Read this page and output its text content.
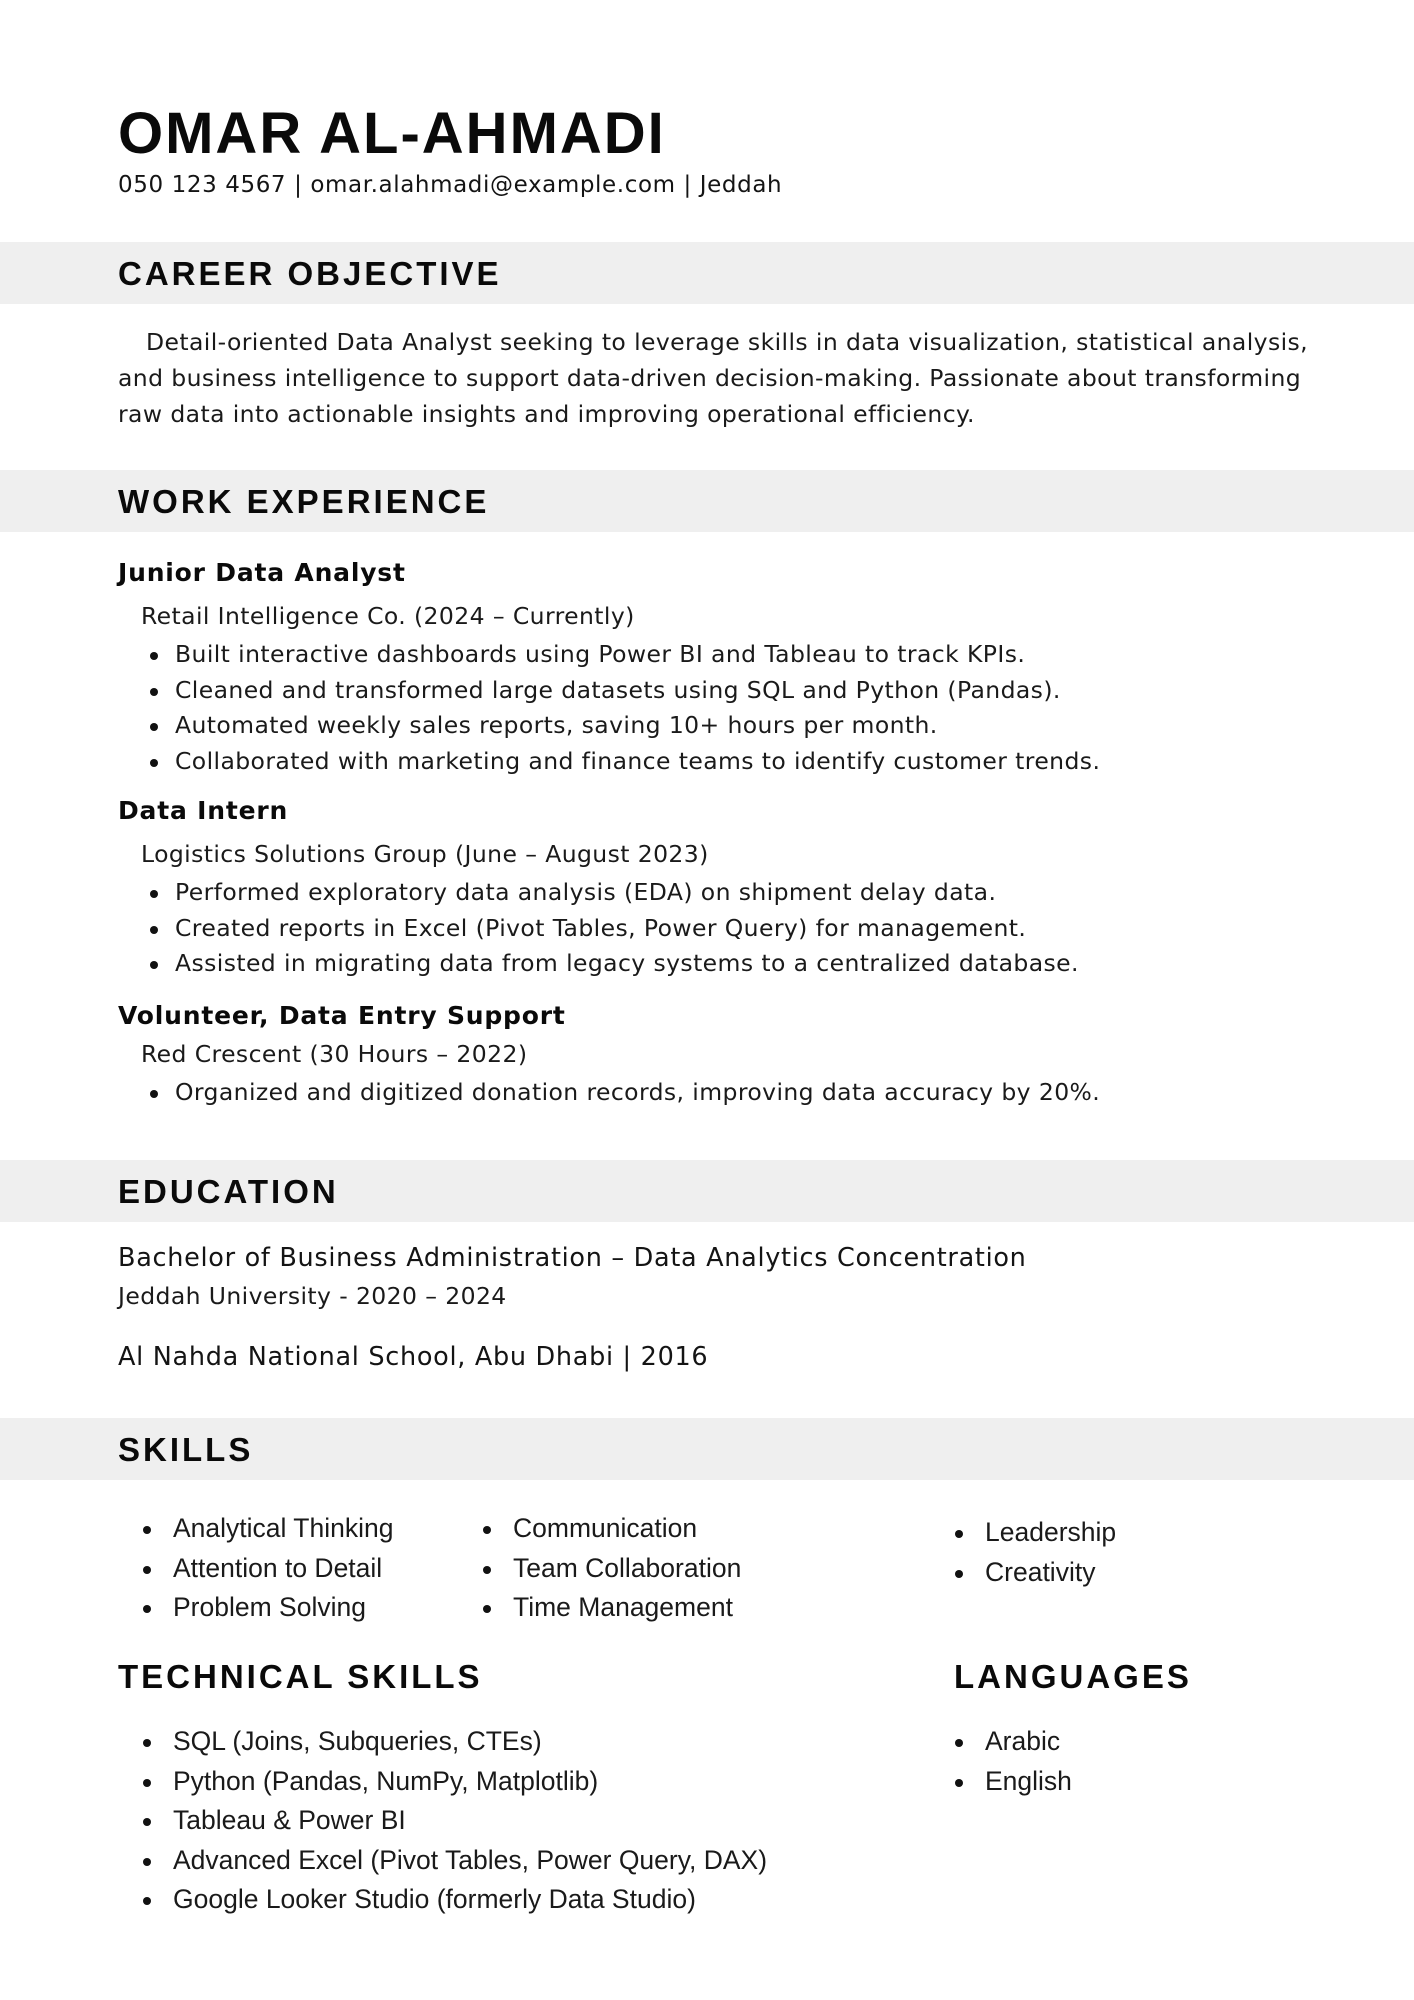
OMAR AL-AHMADI
050 123 4567 | omar.alahmadi@example.com | Jeddah
CAREER OBJECTIVE

Detail-oriented Data Analyst seeking to leverage skills in data visualization, statistical analysis, and business intelligence to support data-driven decision-making. Passionate about transforming raw data into actionable insights and improving operational efficiency.

WORK EXPERIENCE
Junior Data Analyst
Retail Intelligence Co. (2024 – Currently)
Built interactive dashboards using Power BI and Tableau to track KPIs.
Cleaned and transformed large datasets using SQL and Python (Pandas).
Automated weekly sales reports, saving 10+ hours per month.
Collaborated with marketing and finance teams to identify customer trends.
Data Intern
Logistics Solutions Group (June – August 2023)
Performed exploratory data analysis (EDA) on shipment delay data.
Created reports in Excel (Pivot Tables, Power Query) for management.
Assisted in migrating data from legacy systems to a centralized database.
Volunteer, Data Entry Support
Red Crescent (30 Hours – 2022)
Organized and digitized donation records, improving data accuracy by 20%.
EDUCATION
Bachelor of Business Administration – Data Analytics Concentration
Jeddah University - 2020 – 2024
Al Nahda National School, Abu Dhabi | 2016
SKILLS
Analytical Thinking
Attention to Detail
Problem Solving
Communication
Team Collaboration
Time Management
Leadership
Creativity
TECHNICAL SKILLS
SQL (Joins, Subqueries, CTEs)
Python (Pandas, NumPy, Matplotlib)
Tableau & Power BI
Advanced Excel (Pivot Tables, Power Query, DAX)
Google Looker Studio (formerly Data Studio)
LANGUAGES
Arabic
English
